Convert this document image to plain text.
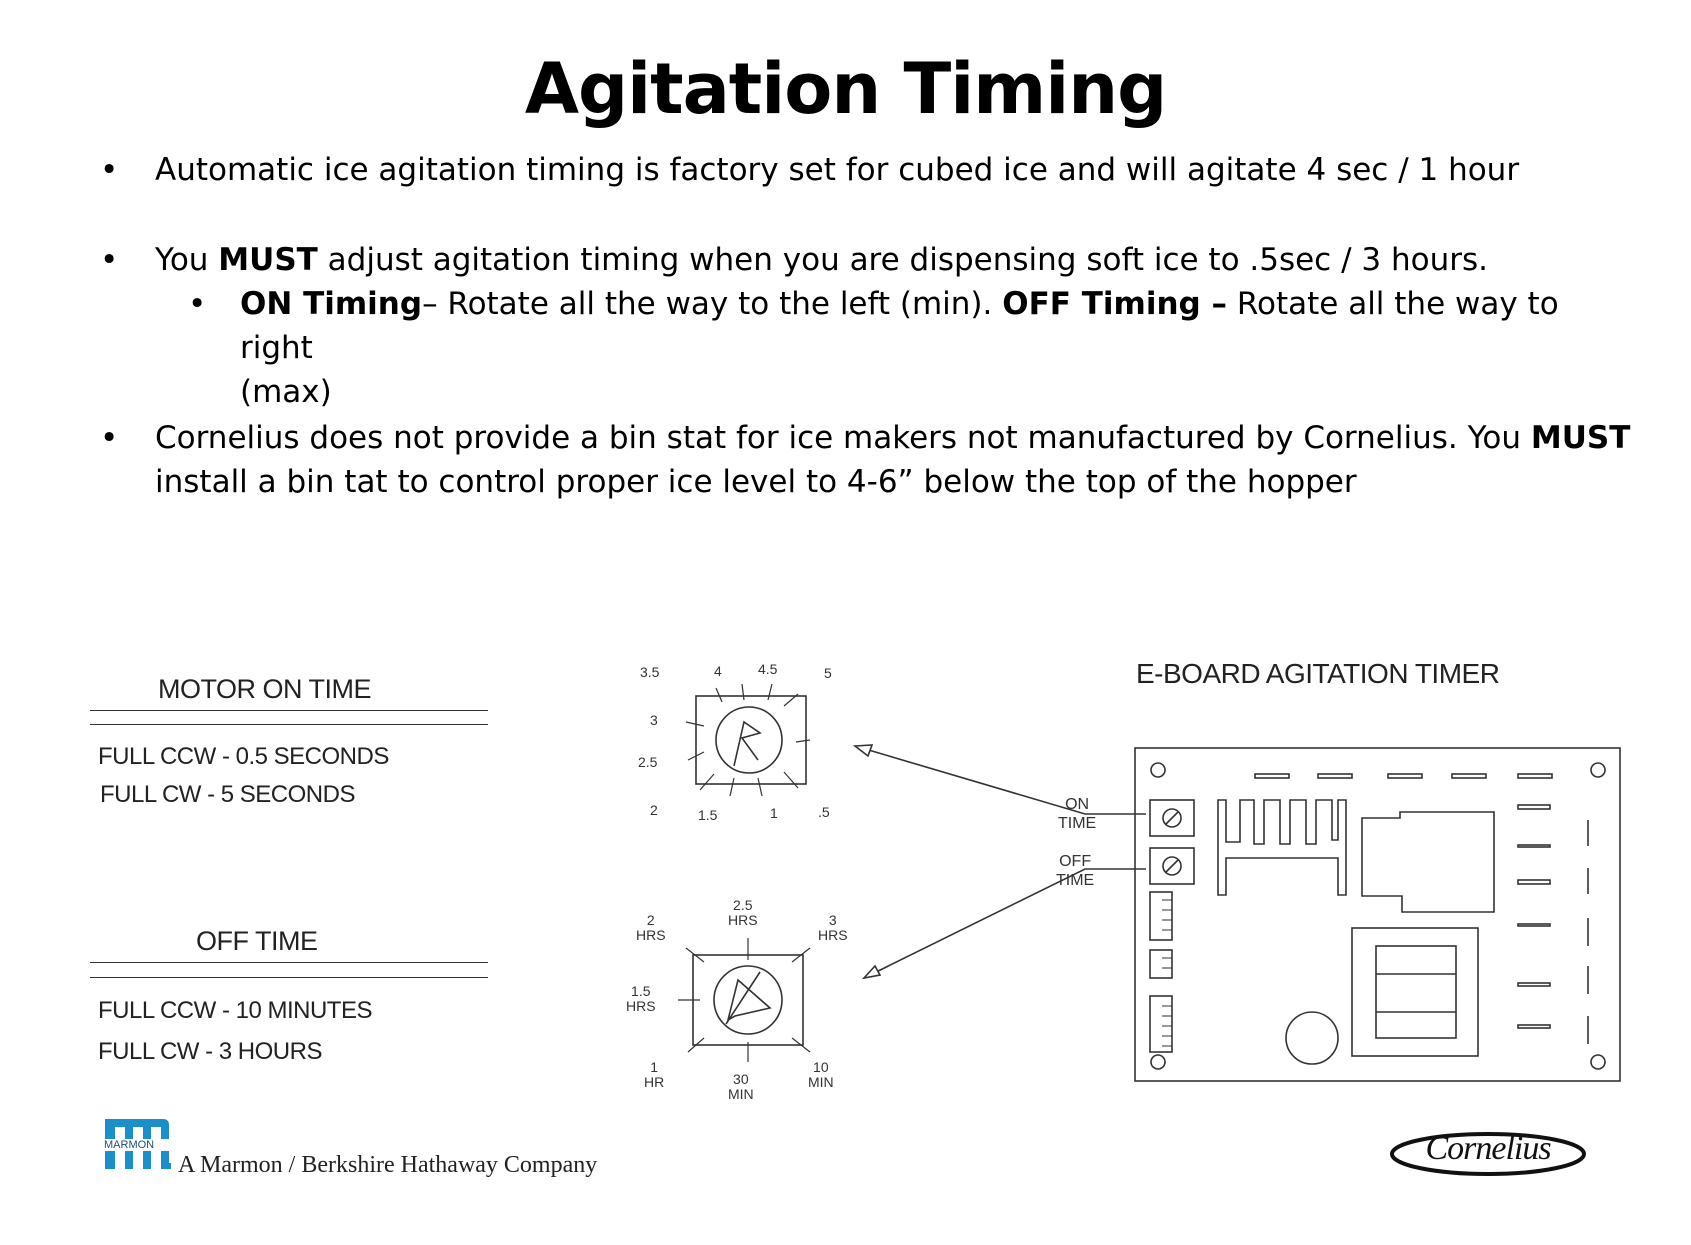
Agitation Timing
• Automatic ice agitation timing is factory set for cubed ice and will agitate 4 sec / 1 hour
• You MUST adjust agitation timing when you are dispensing soft ice to .5sec / 3 hours.
• ON Timing– Rotate all the way to the left (min). OFF Timing – Rotate all the way to right
(max)
• Cornelius does not provide a bin stat for ice makers not manufactured by Cornelius. You MUST
install a bin tat to control proper ice level to 4-6” below the top of the hopper
MOTOR ON TIME
FULL CCW - 0.5 SECONDS
FULL CW - 5 SECONDS
OFF TIME
FULL CCW - 10 MINUTES
FULL CW - 3 HOURS
3.5	4	4.5	5
3
2.5
2	1.5	1	.5
2
HRS
2.5
HRS	3
HRS
1.5
HRS
1
HR	30
MIN
10
MIN
E-BOARD AGITATION TIMER
ON
TIME
OFF
TIME
MARMON
A Marmon / Berkshire Hathaway Company	Cornelius
